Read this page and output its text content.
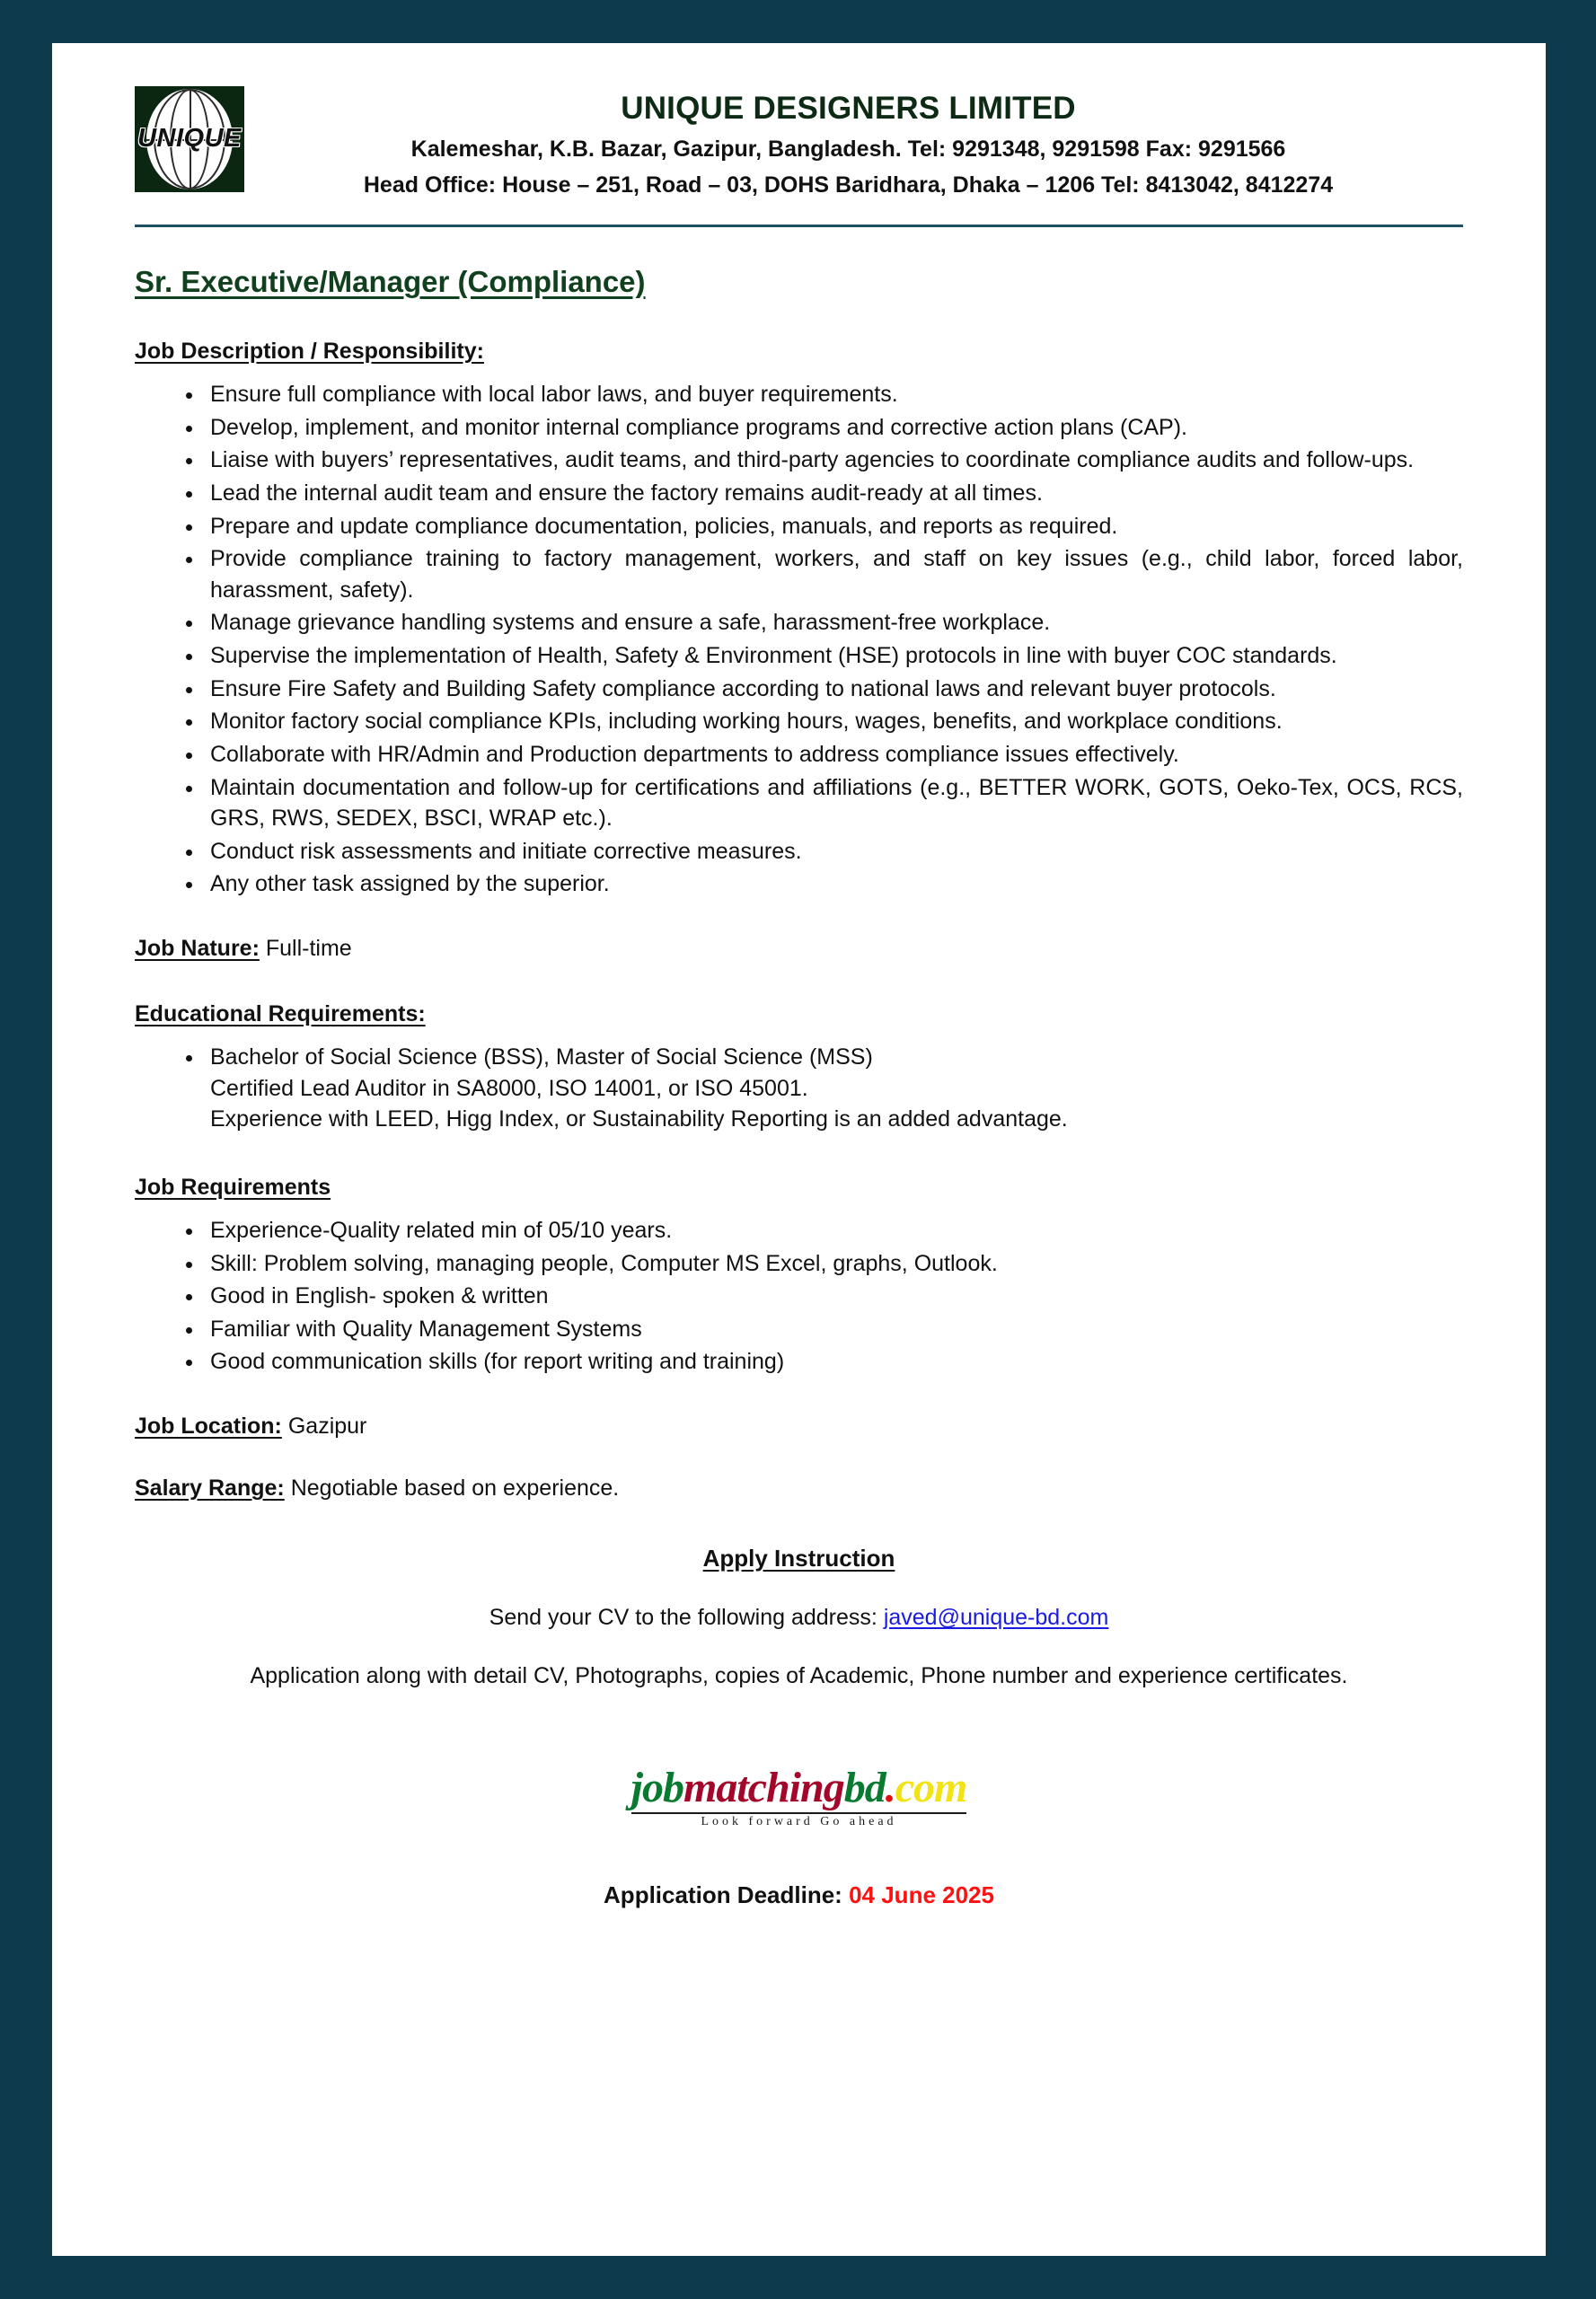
UNIQUE
UNIQUE DESIGNERS LIMITED
Kalemeshar, K.B. Bazar, Gazipur, Bangladesh. Tel: 9291348, 9291598 Fax: 9291566
Head Office: House – 251, Road – 03, DOHS Baridhara, Dhaka – 1206 Tel: 8413042, 8412274
Sr. Executive/Manager (Compliance)
Job Description / Responsibility:
• Ensure full compliance with local labor laws, and buyer requirements.
• Develop, implement, and monitor internal compliance programs and corrective action plans (CAP).
• Liaise with buyers’ representatives, audit teams, and third-party agencies to coordinate compliance audits and follow-ups.
• Lead the internal audit team and ensure the factory remains audit-ready at all times.
• Prepare and update compliance documentation, policies, manuals, and reports as required.
• Provide compliance training to factory management, workers, and staff on key issues (e.g., child labor, forced labor, harassment, safety).
• Manage grievance handling systems and ensure a safe, harassment-free workplace.
• Supervise the implementation of Health, Safety & Environment (HSE) protocols in line with buyer COC standards.
• Ensure Fire Safety and Building Safety compliance according to national laws and relevant buyer protocols.
• Monitor factory social compliance KPIs, including working hours, wages, benefits, and workplace conditions.
• Collaborate with HR/Admin and Production departments to address compliance issues effectively.
• Maintain documentation and follow-up for certifications and affiliations (e.g., BETTER WORK, GOTS, Oeko-Tex, OCS, RCS, GRS, RWS, SEDEX, BSCI, WRAP etc.).
• Conduct risk assessments and initiate corrective measures.
• Any other task assigned by the superior.
Job Nature: Full-time
Educational Requirements:
• Bachelor of Social Science (BSS), Master of Social Science (MSS)
Certified Lead Auditor in SA8000, ISO 14001, or ISO 45001.
Experience with LEED, Higg Index, or Sustainability Reporting is an added advantage.
Job Requirements
• Experience-Quality related min of 05/10 years.
• Skill: Problem solving, managing people, Computer MS Excel, graphs, Outlook.
• Good in English- spoken & written
• Familiar with Quality Management Systems
• Good communication skills (for report writing and training)
Job Location: Gazipur
Salary Range: Negotiable based on experience.
Apply Instruction
Send your CV to the following address: javed@unique-bd.com
Application along with detail CV, Photographs, copies of Academic, Phone number and experience certificates.
jobmatchingbd.com
Look forward Go ahead
Application Deadline: 04 June 2025
